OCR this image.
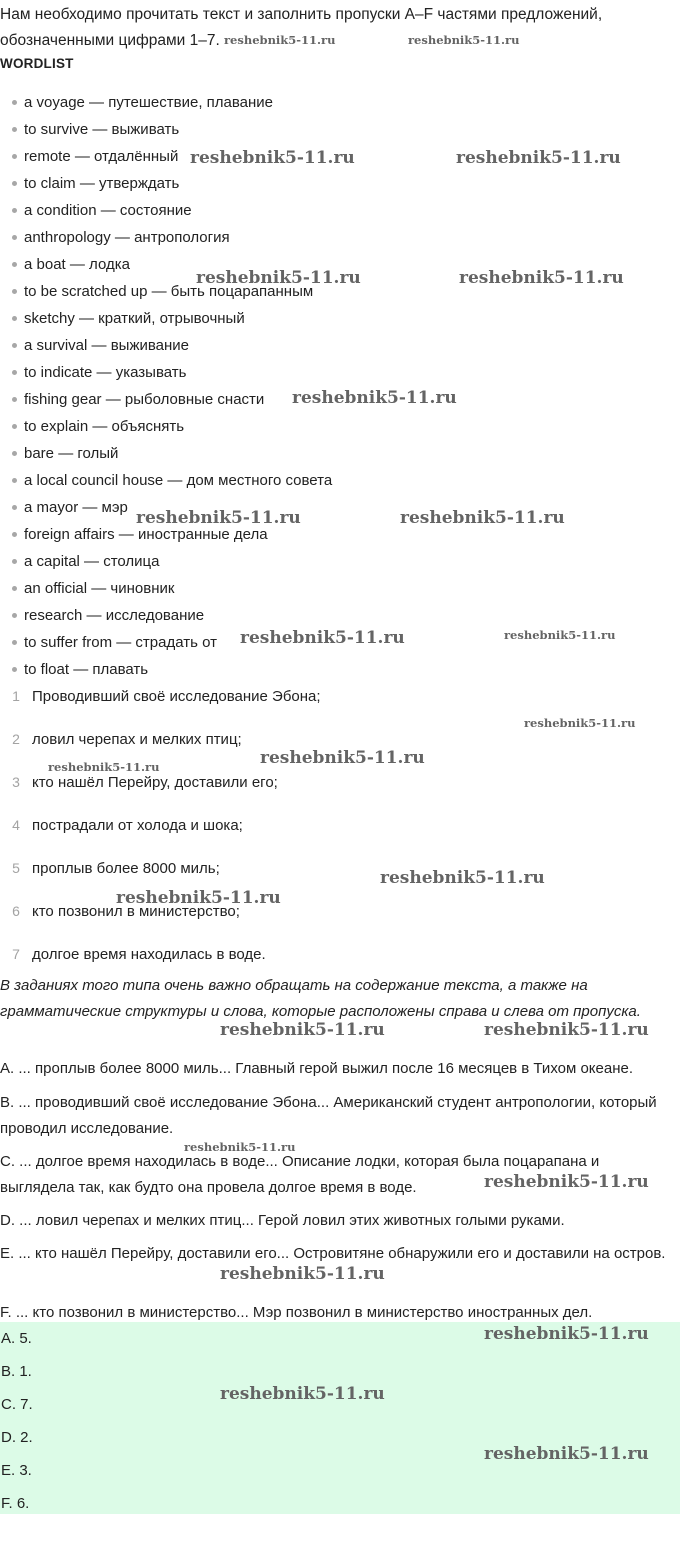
Нам необходимо прочитать текст и заполнить пропуски A–F частями предложений, обозначенными цифрами 1–7.
WORDLIST
a voyage — путешествие, плавание
to survive — выживать
remote — отдалённый
to claim — утверждать
a condition — состояние
anthropology — антропология
a boat — лодка
to be scratched up — быть поцарапанным
sketchy — краткий, отрывочный
a survival — выживание
to indicate — указывать
fishing gear — рыболовные снасти
to explain — объяснять
bare — голый
a local council house — дом местного совета
a mayor — мэр
foreign affairs — иностранные дела
a capital — столица
an official — чиновник
research — исследование
to suffer from — страдать от
to float — плавать
1 Проводивший своё исследование Эбона;
2 ловил черепах и мелких птиц;
3 кто нашёл Перейру, доставили его;
4 пострадали от холода и шока;
5 проплыв более 8000 миль;
6 кто позвонил в министерство;
7 долгое время находилась в воде.
В заданиях того типа очень важно обращать на содержание текста, а также на грамматические структуры и слова, которые расположены справа и слева от пропуска.
A. ... проплыв более 8000 миль... Главный герой выжил после 16 месяцев в Тихом океане.
B. ... проводивший своё исследование Эбона... Американский студент антропологии, который проводил исследование.
C. ... долгое время находилась в воде... Описание лодки, которая была поцарапана и выглядела так, как будто она провела долгое время в воде.
D. ... ловил черепах и мелких птиц... Герой ловил этих животных голыми руками.
E. ... кто нашёл Перейру, доставили его... Островитяне обнаружили его и доставили на остров.
F. ... кто позвонил в министерство... Мэр позвонил в министерство иностранных дел.
A. 5.
B. 1.
C. 7.
D. 2.
E. 3.
F. 6.
reshebnik5-11.ru	reshebnik5-11.ru
reshebnik5-11.ru	reshebnik5-11.ru
reshebnik5-11.ru	reshebnik5-11.ru
reshebnik5-11.ru
reshebnik5-11.ru	reshebnik5-11.ru
reshebnik5-11.ru	reshebnik5-11.ru
reshebnik5-11.ru
reshebnik5-11.ru
reshebnik5-11.ru
reshebnik5-11.ru
reshebnik5-11.ru
reshebnik5-11.ru	reshebnik5-11.ru
reshebnik5-11.ru
reshebnik5-11.ru
reshebnik5-11.ru
reshebnik5-11.ru
reshebnik5-11.ru
reshebnik5-11.ru
